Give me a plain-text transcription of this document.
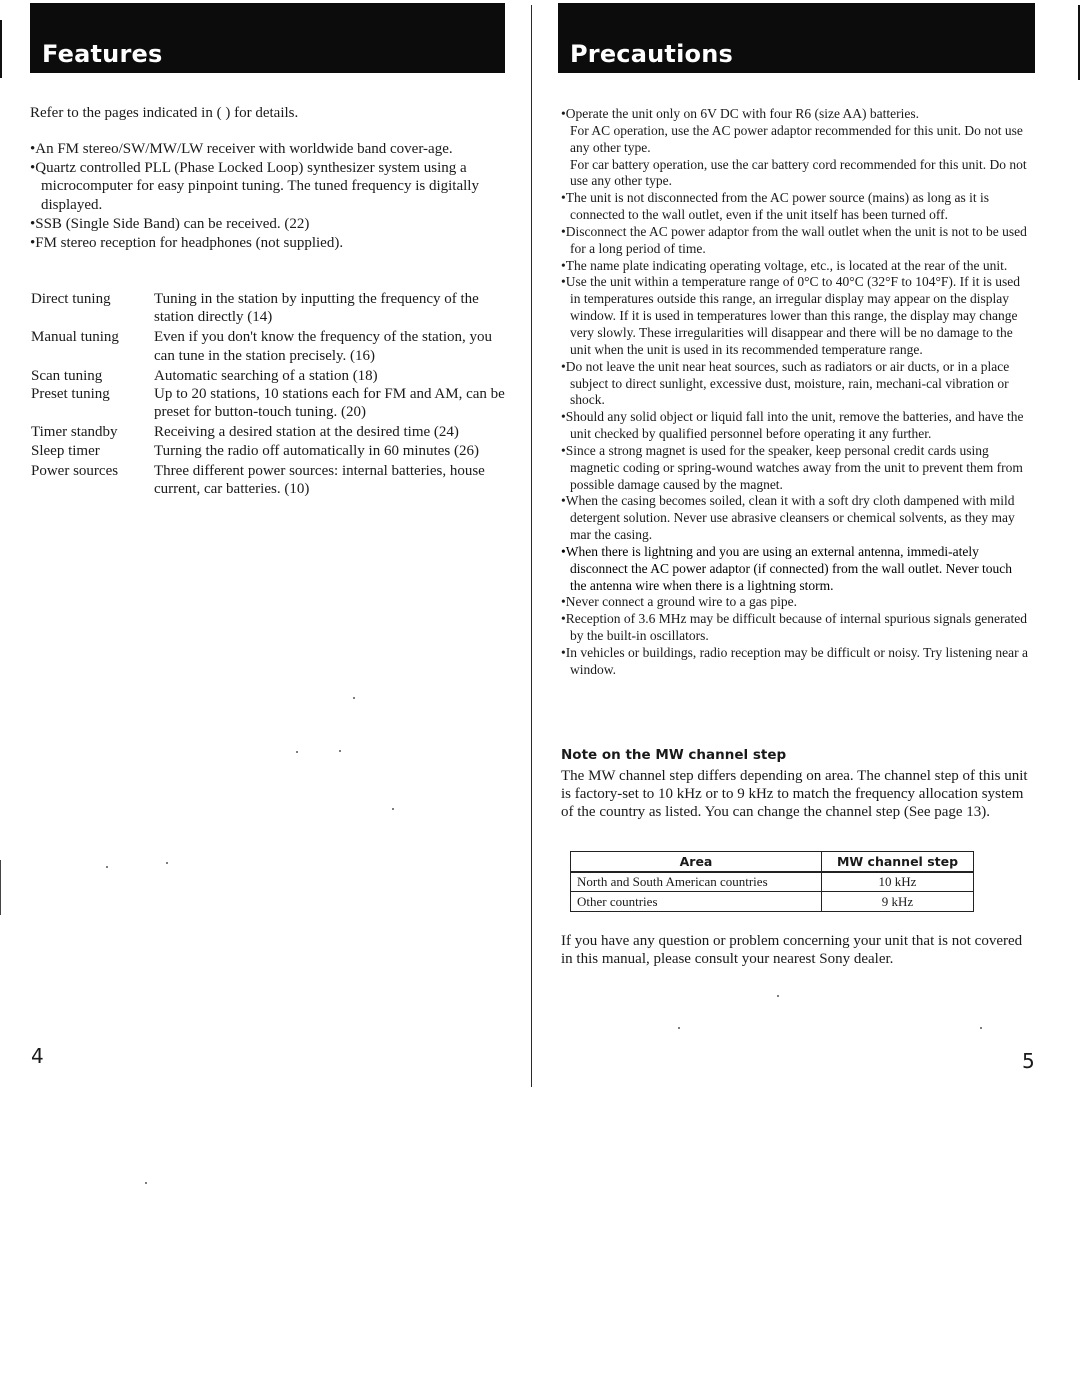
Features

Refer to the pages indicated in ( ) for details.

•An FM stereo/SW/MW/LW receiver with worldwide band cover-age.
•Quartz controlled PLL (Phase Locked Loop) synthesizer system using a microcomputer for easy pinpoint tuning. The tuned frequency is digitally displayed.
•SSB (Single Side Band) can be received. (22)
•FM stereo reception for headphones (not supplied).
Direct tuning	Tuning in the station by inputting the frequency of the station directly (14)
Manual tuning	Even if you don't know the frequency of the station, you can tune in the station precisely. (16)
Scan tuning	Automatic searching of a station (18)
Preset tuning	Up to 20 stations, 10 stations each for FM and AM, can be preset for button-touch tuning. (20)
Timer standby	Receiving a desired station at the desired time (24)
Sleep timer	Turning the radio off automatically in 60 minutes (26)
Power sources	Three different power sources: internal batteries, house current, car batteries. (10)
4
Precautions
•Operate the unit only on 6V DC with four R6 (size AA) batteries.
For AC operation, use the AC power adaptor recommended for this unit. Do not use any other type.
For car battery operation, use the car battery cord recommended for this unit. Do not use any other type.
•The unit is not disconnected from the AC power source (mains) as long as it is connected to the wall outlet, even if the unit itself has been turned off.
•Disconnect the AC power adaptor from the wall outlet when the unit is not to be used for a long period of time.
•The name plate indicating operating voltage, etc., is located at the rear of the unit.
•Use the unit within a temperature range of 0°C to 40°C (32°F to 104°F). If it is used in temperatures outside this range, an irregular display may appear on the display window. If it is used in temperatures lower than this range, the display may change very slowly. These irregularities will disappear and there will be no damage to the unit when the unit is used in its recommended temperature range.
•Do not leave the unit near heat sources, such as radiators or air ducts, or in a place subject to direct sunlight, excessive dust, moisture, rain, mechani-cal vibration or shock.
•Should any solid object or liquid fall into the unit, remove the batteries, and have the unit checked by qualified personnel before operating it any further.
•Since a strong magnet is used for the speaker, keep personal credit cards using magnetic coding or spring-wound watches away from the unit to prevent them from possible damage caused by the magnet.
•When the casing becomes soiled, clean it with a soft dry cloth dampened with mild detergent solution. Never use abrasive cleansers or chemical solvents, as they may mar the casing.
•When there is lightning and you are using an external antenna, immedi-ately disconnect the AC power adaptor (if connected) from the wall outlet. Never touch the antenna wire when there is a lightning storm.
•Never connect a ground wire to a gas pipe.
•Reception of 3.6 MHz may be difficult because of internal spurious signals generated by the built-in oscillators.
•In vehicles or buildings, radio reception may be difficult or noisy. Try listening near a window.
Note on the MW channel step

The MW channel step differs depending on area. The channel step of this unit is factory-set to 10 kHz or to 9 kHz to match the frequency allocation system of the country as listed. You can change the channel step (See page 13).

Area	MW channel step
North and South American countries	10 kHz
Other countries	9 kHz

If you have any question or problem concerning your unit that is not covered in this manual, please consult your nearest Sony dealer.

5
